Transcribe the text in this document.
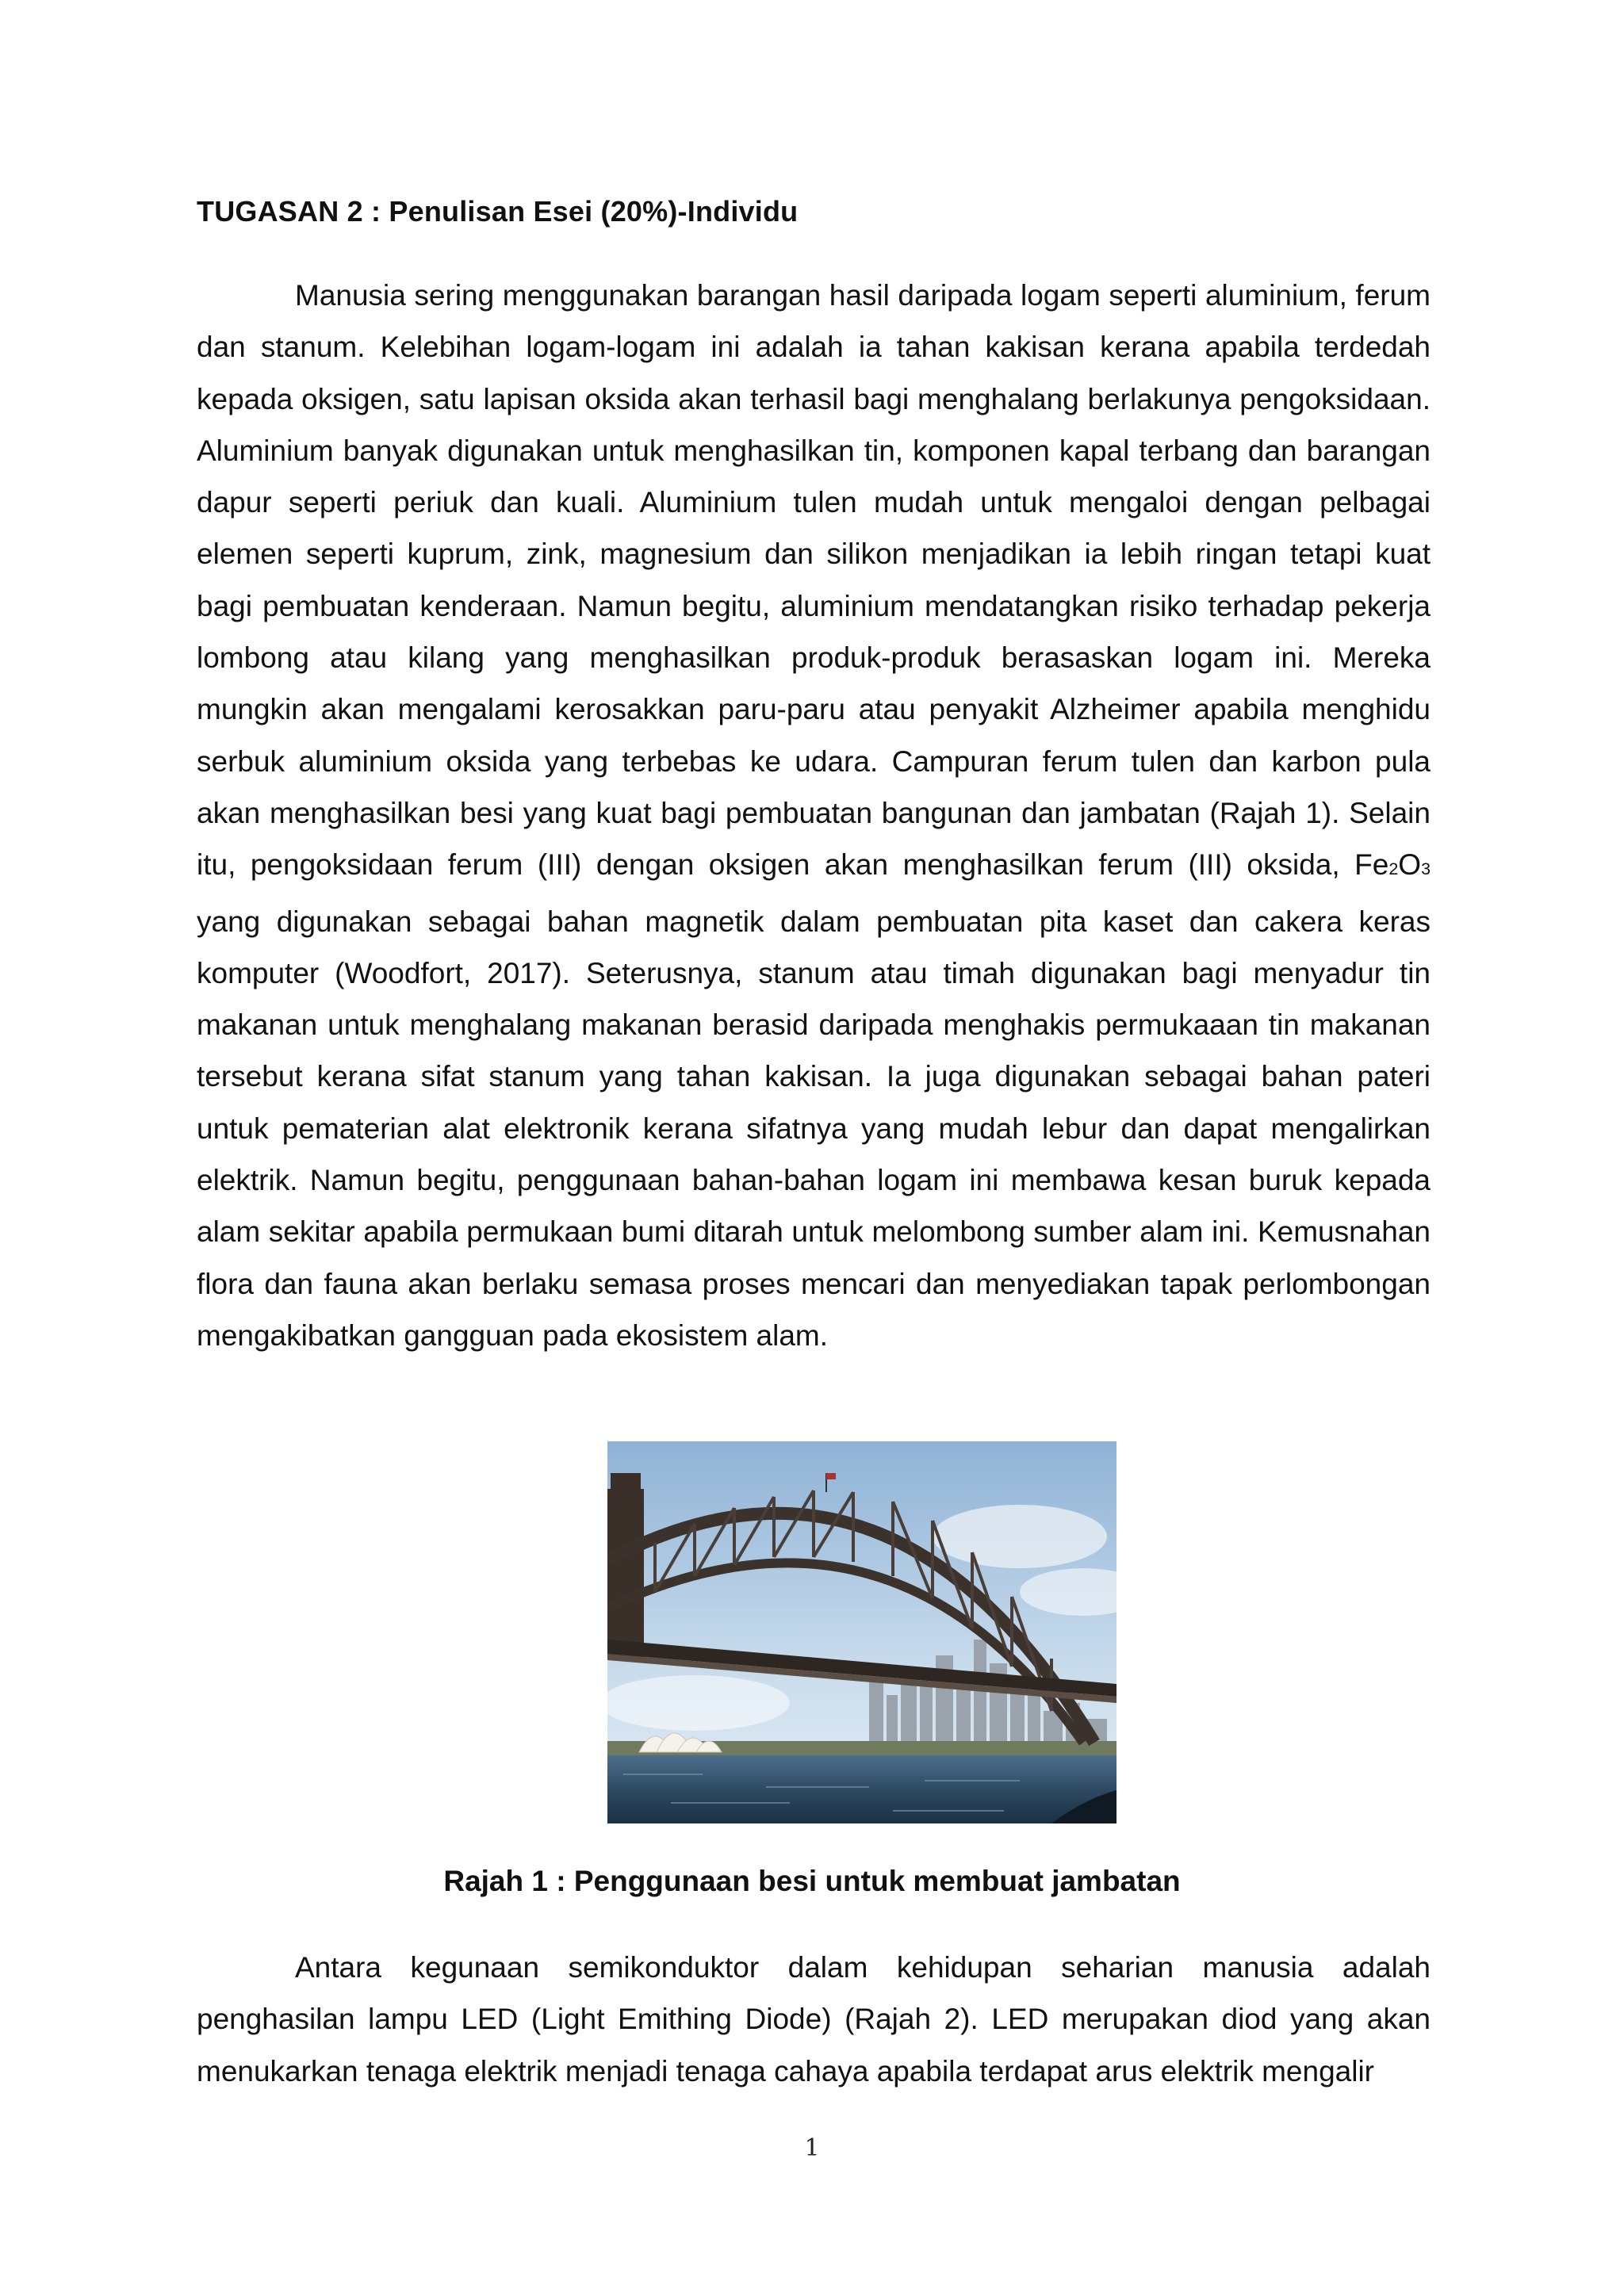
TUGASAN 2 : Penulisan Esei (20%)-Individu

Manusia sering menggunakan barangan hasil daripada logam seperti aluminium, ferum dan stanum. Kelebihan logam-logam ini adalah ia tahan kakisan kerana apabila terdedah kepada oksigen, satu lapisan oksida akan terhasil bagi menghalang berlakunya pengoksidaan. Aluminium banyak digunakan untuk menghasilkan tin, komponen kapal terbang dan barangan dapur seperti periuk dan kuali. Aluminium tulen mudah untuk mengaloi dengan pelbagai elemen seperti kuprum, zink, magnesium dan silikon menjadikan ia lebih ringan tetapi kuat bagi pembuatan kenderaan. Namun begitu, aluminium mendatangkan risiko terhadap pekerja lombong atau kilang yang menghasilkan produk-produk berasaskan logam ini. Mereka mungkin akan mengalami kerosakkan paru-paru atau penyakit Alzheimer apabila menghidu serbuk aluminium oksida yang terbebas ke udara. Campuran ferum tulen dan karbon pula akan menghasilkan besi yang kuat bagi pembuatan bangunan dan jambatan (Rajah 1). Selain itu, pengoksidaan ferum (III) dengan oksigen akan menghasilkan ferum (III) oksida, Fe2O3 yang digunakan sebagai bahan magnetik dalam pembuatan pita kaset dan cakera keras komputer (Woodfort, 2017). Seterusnya, stanum atau timah digunakan bagi menyadur tin makanan untuk menghalang makanan berasid daripada menghakis permukaaan tin makanan tersebut kerana sifat stanum yang tahan kakisan. Ia juga digunakan sebagai bahan pateri untuk pematerian alat elektronik kerana sifatnya yang mudah lebur dan dapat mengalirkan elektrik. Namun begitu, penggunaan bahan-bahan logam ini membawa kesan buruk kepada alam sekitar apabila permukaan bumi ditarah untuk melombong sumber alam ini. Kemusnahan flora dan fauna akan berlaku semasa proses mencari dan menyediakan tapak perlombongan mengakibatkan gangguan pada ekosistem alam.

Rajah 1 : Penggunaan besi untuk membuat jambatan

Antara kegunaan semikonduktor dalam kehidupan seharian manusia adalah penghasilan lampu LED (Light Emithing Diode) (Rajah 2). LED merupakan diod yang akan menukarkan tenaga elektrik menjadi tenaga cahaya apabila terdapat arus elektrik mengalir

1
